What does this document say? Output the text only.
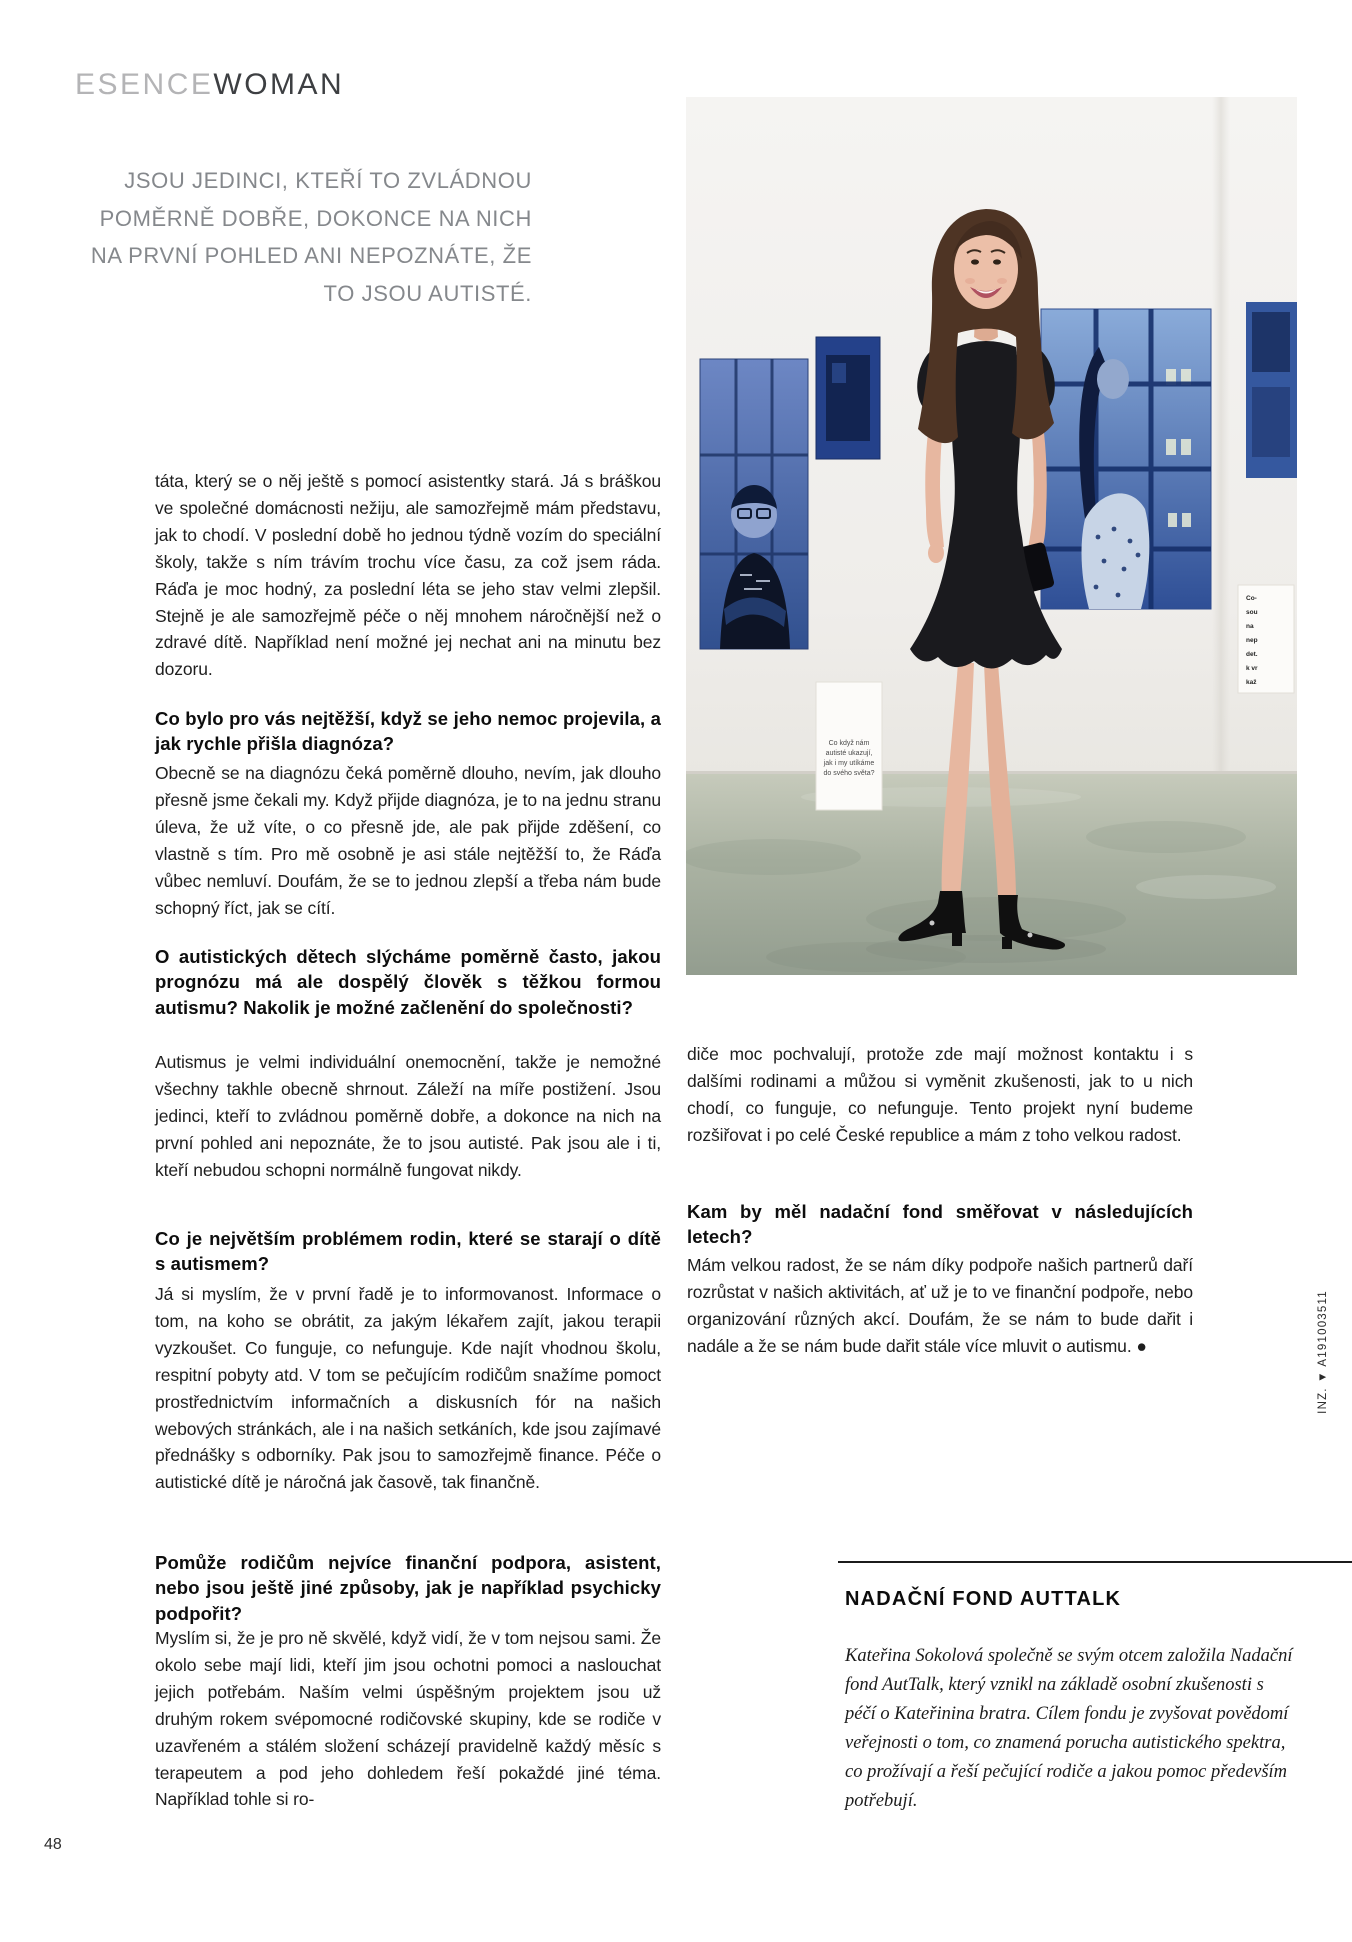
ESENCEWOMAN
JSOU JEDINCI, KTEŘÍ TO ZVLÁDNOU
POMĚRNĚ DOBŘE, DOKONCE NA NICH
NA PRVNÍ POHLED ANI NEPOZNÁTE, ŽE
TO JSOU AUTISTÉ.
Co když nám
autisté ukazují,
jak i my utíkáme
do svého světa?
Co-
sou
na
nep
det.
k vr
kaž
táta, který se o něj ještě s pomocí asistentky stará. Já s bráškou ve společné domácnosti nežiju, ale samozřejmě mám představu, jak to chodí. V poslední době ho jednou týdně vozím do speciální školy, takže s ním trávím trochu více času, za což jsem ráda. Ráďa je moc hodný, za poslední léta se jeho stav velmi zlepšil. Stejně je ale samozřejmě péče o něj mnohem náročnější než o zdravé dítě. Například není možné jej nechat ani na minutu bez dozoru.
Co bylo pro vás nejtěžší, když se jeho nemoc projevila, a jak rychle přišla diagnóza?
Obecně se na diagnózu čeká poměrně dlouho, nevím, jak dlouho přesně jsme čekali my. Když přijde diagnóza, je to na jednu stranu úleva, že už víte, o co přesně jde, ale pak přijde zděšení, co vlastně s tím. Pro mě osobně je asi stále nejtěžší to, že Ráďa vůbec nemluví. Doufám, že se to jednou zlepší a třeba nám bude schopný říct, jak se cítí.
O autistických dětech slýcháme poměrně často, jakou prognózu má ale dospělý člověk s těžkou formou autismu? Nakolik je možné začlenění do společnosti?
Autismus je velmi individuální onemocnění, takže je nemožné všechny takhle obecně shrnout. Záleží na míře postižení. Jsou jedinci, kteří to zvládnou poměrně dobře, a dokonce na nich na první pohled ani nepoznáte, že to jsou autisté. Pak jsou ale i ti, kteří nebudou schopni normálně fungovat nikdy.
Co je největším problémem rodin, které se starají o dítě s autismem?
Já si myslím, že v první řadě je to informovanost. Informace o tom, na koho se obrátit, za jakým lékařem zajít, jakou terapii vyzkoušet. Co funguje, co nefunguje. Kde najít vhodnou školu, respitní pobyty atd. V tom se pečujícím rodičům snažíme pomoct prostřednictvím informačních a diskusních fór na našich webových stránkách, ale i na našich setkáních, kde jsou zajímavé přednášky s odborníky. Pak jsou to samozřejmě finance. Péče o autistické dítě je náročná jak časově, tak finančně.
Pomůže rodičům nejvíce finanční podpora, asistent, nebo jsou ještě jiné způsoby, jak je například psychicky podpořit?
Myslím si, že je pro ně skvělé, když vidí, že v tom nejsou sami. Že okolo sebe mají lidi, kteří jim jsou ochotni pomoci a naslouchat jejich potřebám. Naším velmi úspěšným projektem jsou už druhým rokem svépomocné rodičovské skupiny, kde se rodiče v uzavřeném a stálém složení scházejí pravidelně každý měsíc s terapeutem a pod jeho dohledem řeší pokaždé jiné téma. Například tohle si ro-
diče moc pochvalují, protože zde mají možnost kontaktu i s dalšími rodinami a můžou si vyměnit zkušenosti, jak to u nich chodí, co funguje, co nefunguje. Tento projekt nyní budeme rozšiřovat i po celé České republice a mám z toho velkou radost.
Kam by měl nadační fond směřovat v následujících letech?
Mám velkou radost, že se nám díky podpoře našich partnerů daří rozrůstat v našich aktivitách, ať už je to ve finanční podpoře, nebo organizování různých akcí. Doufám, že se nám to bude dařit i nadále a že se nám bude dařit stále více mluvit o autismu. ●
NADAČNÍ FOND AUTTALK
Kateřina Sokolová společně se svým otcem založila Nadační fond AutTalk, který vznikl na základě osobní zkušenosti s péčí o Kateřinina bratra. Cílem fondu je zvyšovat povědomí veřejnosti o tom, co znamená porucha autistického spektra, co prožívají a řeší pečující rodiče a jakou pomoc především potřebují.
INZ. ▼ A191003511
48
